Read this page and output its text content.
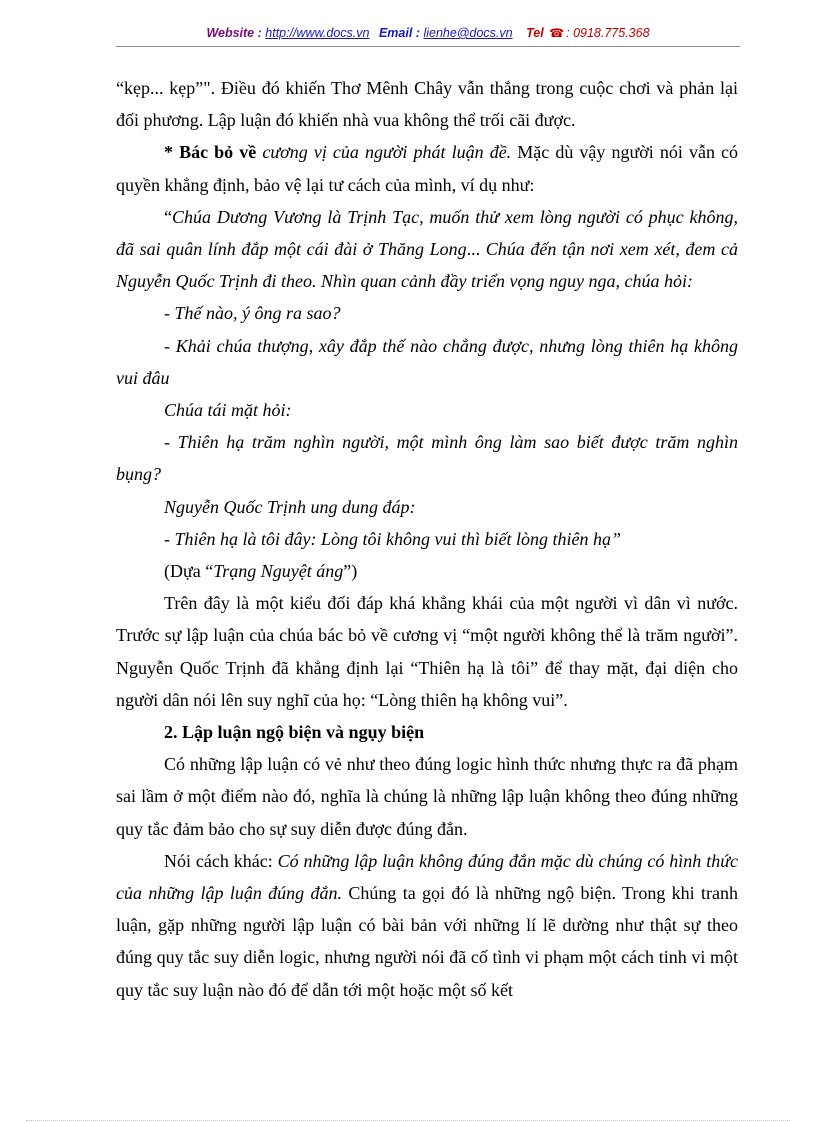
Website : http://www.docs.vn Email : lienhe@docs.vn Tel ☎ : 0918.775.368

“kẹp... kẹp”". Điều đó khiến Thơ Mênh Chây vẫn thắng trong cuộc chơi và phản lại đối phương. Lập luận đó khiến nhà vua không thể trối cãi được.

* Bác bỏ về cương vị của người phát luận đề. Mặc dù vậy người nói vẫn có quyền khẳng định, bảo vệ lại tư cách của mình, ví dụ như:

“Chúa Dương Vương là Trịnh Tạc, muốn thử xem lòng người có phục không, đã sai quân lính đắp một cái đài ở Thăng Long... Chúa đến tận nơi xem xét, đem cả Nguyễn Quốc Trịnh đi theo. Nhìn quan cảnh đầy triển vọng nguy nga, chúa hỏi:

- Thế nào, ý ông ra sao?

- Khải chúa thượng, xây đắp thế nào chẳng được, nhưng lòng thiên hạ không vui đâu

Chúa tái mặt hỏi:

- Thiên hạ trăm nghìn người, một mình ông làm sao biết được trăm nghìn bụng?

Nguyễn Quốc Trịnh ung dung đáp:

- Thiên hạ là tôi đây: Lòng tôi không vui thì biết lòng thiên hạ”

(Dựa “Trạng Nguyệt áng”)

Trên đây là một kiểu đối đáp khá khẳng khái của một người vì dân vì nước. Trước sự lập luận của chúa bác bỏ về cương vị “một người không thể là trăm người”. Nguyễn Quốc Trịnh đã khẳng định lại “Thiên hạ là tôi” để thay mặt, đại diện cho người dân nói lên suy nghĩ của họ: “Lòng thiên hạ không vui”.

2. Lập luận ngộ biện và ngụy biện

Có những lập luận có vẻ như theo đúng logic hình thức nhưng thực ra đã phạm sai lầm ở một điểm nào đó, nghĩa là chúng là những lập luận không theo đúng những quy tắc đảm bảo cho sự suy diễn được đúng đắn.

Nói cách khác: Có những lập luận không đúng đắn mặc dù chúng có hình thức của những lập luận đúng đắn. Chúng ta gọi đó là những ngộ biện. Trong khi tranh luận, gặp những người lập luận có bài bản với những lí lẽ dường như thật sự theo đúng quy tắc suy diễn logic, nhưng người nói đã cố tình vi phạm một cách tinh vi một quy tắc suy luận nào đó để dẫn tới một hoặc một số kết
